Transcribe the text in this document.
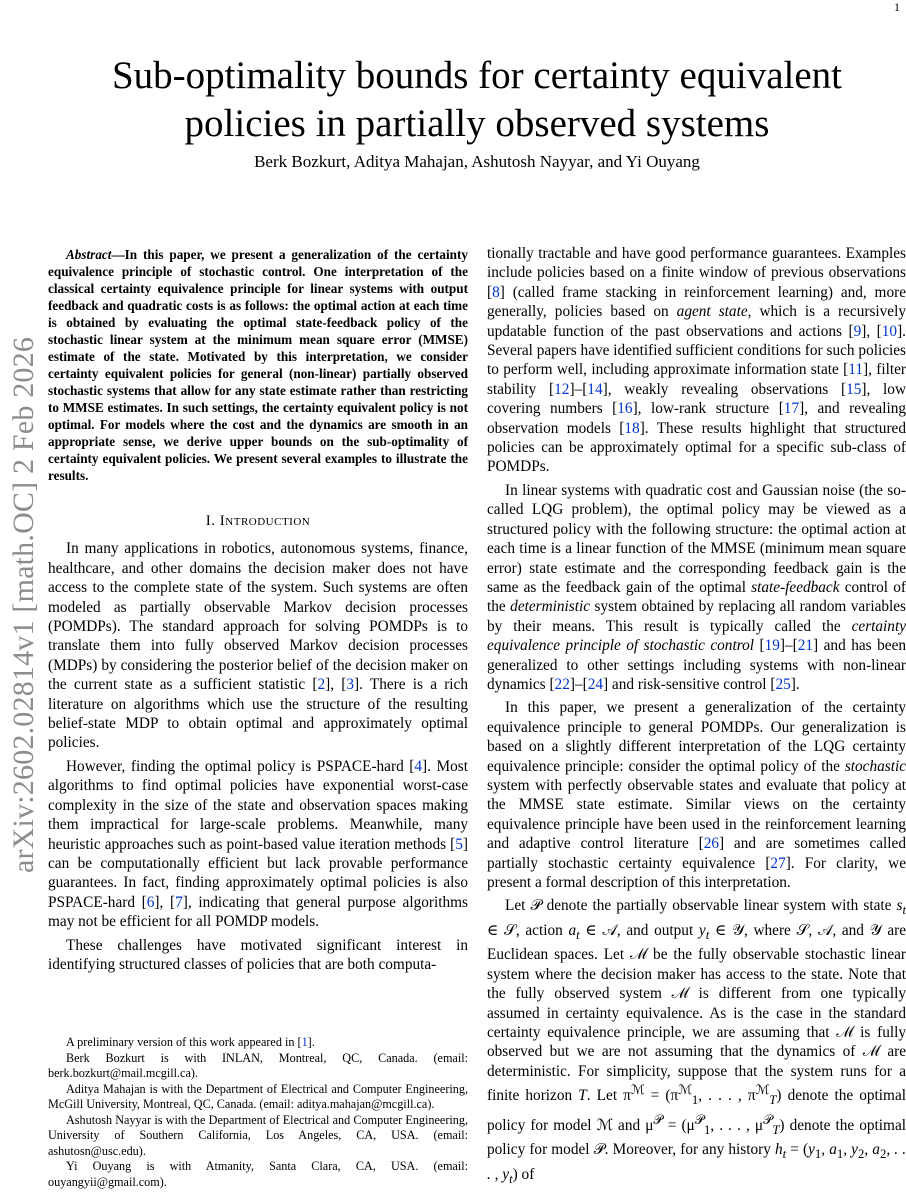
1
arXiv:2602.02814v1 [math.OC] 2 Feb 2026
Sub-optimality bounds for certainty equivalent policies in partially observed systems
Berk Bozkurt, Aditya Mahajan, Ashutosh Nayyar, and Yi Ouyang

Abstract—In this paper, we present a generalization of the certainty equivalence principle of stochastic control. One interpretation of the classical certainty equivalence principle for linear systems with output feedback and quadratic costs is as follows: the optimal action at each time is obtained by evaluating the optimal state-feedback policy of the stochastic linear system at the minimum mean square error (MMSE) estimate of the state. Motivated by this interpretation, we consider certainty equivalent policies for general (non-linear) partially observed stochastic systems that allow for any state estimate rather than restricting to MMSE estimates. In such settings, the certainty equivalent policy is not optimal. For models where the cost and the dynamics are smooth in an appropriate sense, we derive upper bounds on the sub-optimality of certainty equivalent policies. We present several examples to illustrate the results.

I. Introduction

In many applications in robotics, autonomous systems, finance, healthcare, and other domains the decision maker does not have access to the complete state of the system. Such systems are often modeled as partially observable Markov decision processes (POMDPs). The standard approach for solving POMDPs is to translate them into fully observed Markov decision processes (MDPs) by considering the posterior belief of the decision maker on the current state as a sufficient statistic [2], [3]. There is a rich literature on algorithms which use the structure of the resulting belief-state MDP to obtain optimal and approximately optimal policies.

However, finding the optimal policy is PSPACE-hard [4]. Most algorithms to find optimal policies have exponential worst-case complexity in the size of the state and observation spaces making them impractical for large-scale problems. Meanwhile, many heuristic approaches such as point-based value iteration methods [5] can be computationally efficient but lack provable performance guarantees. In fact, finding approximately optimal policies is also PSPACE-hard [6], [7], indicating that general purpose algorithms may not be efficient for all POMDP models.

These challenges have motivated significant interest in identifying structured classes of policies that are both computa-

A preliminary version of this work appeared in [1].

Berk Bozkurt is with INLAN, Montreal, QC, Canada. (email: berk.bozkurt@mail.mcgill.ca).

Aditya Mahajan is with the Department of Electrical and Computer Engineering, McGill University, Montreal, QC, Canada. (email: aditya.mahajan@mcgill.ca).

Ashutosh Nayyar is with the Department of Electrical and Computer Engineering, University of Southern California, Los Angeles, CA, USA. (email: ashutosn@usc.edu).

Yi Ouyang is with Atmanity, Santa Clara, CA, USA. (email: ouyangyii@gmail.com).

tionally tractable and have good performance guarantees. Examples include policies based on a finite window of previous observations [8] (called frame stacking in reinforcement learning) and, more generally, policies based on agent state, which is a recursively updatable function of the past observations and actions [9], [10]. Several papers have identified sufficient conditions for such policies to perform well, including approximate information state [11], filter stability [12]–[14], weakly revealing observations [15], low covering numbers [16], low-rank structure [17], and revealing observation models [18]. These results highlight that structured policies can be approximately optimal for a specific sub-class of POMDPs.

In linear systems with quadratic cost and Gaussian noise (the so-called LQG problem), the optimal policy may be viewed as a structured policy with the following structure: the optimal action at each time is a linear function of the MMSE (minimum mean square error) state estimate and the corresponding feedback gain is the same as the feedback gain of the optimal state-feedback control of the deterministic system obtained by replacing all random variables by their means. This result is typically called the certainty equivalence principle of stochastic control [19]–[21] and has been generalized to other settings including systems with non-linear dynamics [22]–[24] and risk-sensitive control [25].

In this paper, we present a generalization of the certainty equivalence principle to general POMDPs. Our generalization is based on a slightly different interpretation of the LQG certainty equivalence principle: consider the optimal policy of the stochastic system with perfectly observable states and evaluate that policy at the MMSE state estimate. Similar views on the certainty equivalence principle have been used in the reinforcement learning and adaptive control literature [26] and are sometimes called partially stochastic certainty equivalence [27]. For clarity, we present a formal description of this interpretation.

Let 𝒫 denote the partially observable linear system with state $s_t$ ∈ 𝒮, action $a_t$ ∈ 𝒜, and output $y_t$ ∈ 𝒴, where 𝒮, 𝒜, and 𝒴 are Euclidean spaces. Let ℳ be the fully observable stochastic linear system where the decision maker has access to the state. Note that the fully observed system ℳ is different from one typically assumed in certainty equivalence. As is the case in the standard certainty equivalence principle, we are assuming that ℳ is fully observed but we are not assuming that the dynamics of ℳ are deterministic. For simplicity, suppose that the system runs for a finite horizon T. Let $\pi^ℳ = (\pi^ℳ_1$, . . . , $\pi^ℳ_T$) denote the optimal policy for model ℳ and $\mu^𝒫 = (\mu^𝒫_1$, . . . , $\mu^𝒫_T$) denote the optimal policy for model 𝒫. Moreover, for any history $h_t = (y_1$, $a_1$, $y_2$, $a_2$, . . . , $y_t$) of
